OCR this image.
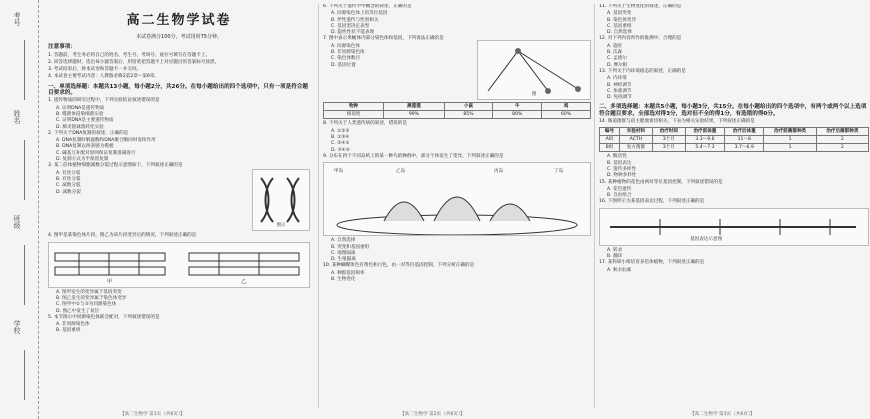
考号
姓名
班级
学校
高二生物学试卷
本试卷满分100分，考试用时75分钟。
注意事项：
1. 答题前，考生务必将自己的姓名、考生号、考场号、座位号填写在答题卡上。
2. 回答选择题时，选出每小题答案后，用铅笔把答题卡上对应题目的答案标号涂黑。
3. 考试结束后，将本试卷和答题卡一并交回。
4. 本试卷主要考试内容：人教版必修2第2章～第6章。
一、单项选择题：本题共13小题，每小题2分，共26分。在每小题给出的四个选项中，只有一项是符合题目要求的。
1. 遗传物质的研究过程中，下列实验结论叙述错误的是
A. 证明DNA是遗传物质
B. 噬菌体侵染细菌实验
C. 证明DNA是主要遗传物质
D. 肺炎链球菌转化实验
2. 下列关于DNA复制的叙述，正确的是
A. DNA复制时解旋酶和DNA聚合酶同时发挥作用
B. DNA复制以两条链为模板
C. 碱基互补配对原则保证复制准确进行
D. 复制方式为半保留复制
3. 某二倍体植物细胞减数分裂过程示意图如下，下列叙述正确的是
A. 有丝分裂
B. 有丝分裂
C. 减数分裂
D. 减数分裂
图示
4. 图甲是某染色体片段，图乙为该片段变异后的情况，下列叙述正确的是
甲	乙
A. 图甲发生的变异属于基因突变
B. 图乙发生的变异属于染色体变异
C. 图甲中①与③为同源染色体
D. 图乙中发生了易位
5. 本节图示中同源染色体联会配对，下列叙述错误的是
A. 非同源染色体
B. 基因重组
【高二生物学 第1页（共6页）】
6. 下列关于遗传学中概念的叙述，正确的是
A. 同源染色体上的等位基因
B. 伴性遗传与性别相关
C. 基因型决定表型
D. 隐性性状不能表现
7. 图中表示果蝇体内部分染色体和基因，下列说法正确的是
A. 同源染色体
B. 非同源染色体
C. 染色体数目
D. 基因位置
图
物种	黑猩猩	小鼠	牛	鸡
相似度	99%	85%	80%	60%
8. 下列关于人类遗传病的叙述，错误的是
A. ①②③
B. ①③④
C. ②④⑤
D. ③④⑤
9. 分布在四个不同岛屿上的某一种鸟的种群中，部分个体发生了变异，下列叙述正确的是
甲岛	乙岛	丙岛	丁岛
A. 自然选择
B. 突变和基因重组
C. 地理隔离
D. 生殖隔离
10. 某种蝴蝶体色有黄色和白色，由一对等位基因控制，下列分析正确的是
A. 种群基因频率
B. 生物进化
【高二生物学 第2页（共6页）】
11. 下列关于生物进化的叙述，正确的是
A. 基因突变
B. 染色体变异
C. 基因重组
D. 自然选择
12. 对下列内容所作的推测中，合理的是
A. 施旺
B. 沃森
C. 孟德尔
D. 摩尔根
13. 下列关于内环境稳态的叙述，正确的是
A. 内环境
B. 神经调节
C. 体液调节
D. 免疫调节
二、多项选择题：本题共5小题，每小题3分，共15分。在每小题给出的四个选项中，有两个或两个以上选项符合题目要求，全部选对得3分，选对但不全的得1分，有选错的得0分。
14. 肠道菌群与宿主健康密切相关，下表为相关实验结果，下列叙述正确的是
编号	实验材料	治疗时间	治疗前体重	治疗后体重	治疗前菌群种类	治疗后菌群种类
A组	ACTH	3个月	3.3～9.6	11～8	1	2
B组	复方菌群	3个月	5.4～7.3	3.7～6.9	1	2
A. 酶活性
B. 基因表达
C. 遗传多样性
D. 物种多样性
15. 某种植物的花色由两对等位基因控制，下列叙述错误的是
A. 花色遗传
B. 自由组合
16. 下图所示为某基因表达过程，下列叙述正确的是
基因表达示意图
A. 转录
B. 翻译
17. 某科研小组培育多倍体植物，下列叙述正确的是
A. 秋水仙素
【高二生物学 第3页（共6页）】
